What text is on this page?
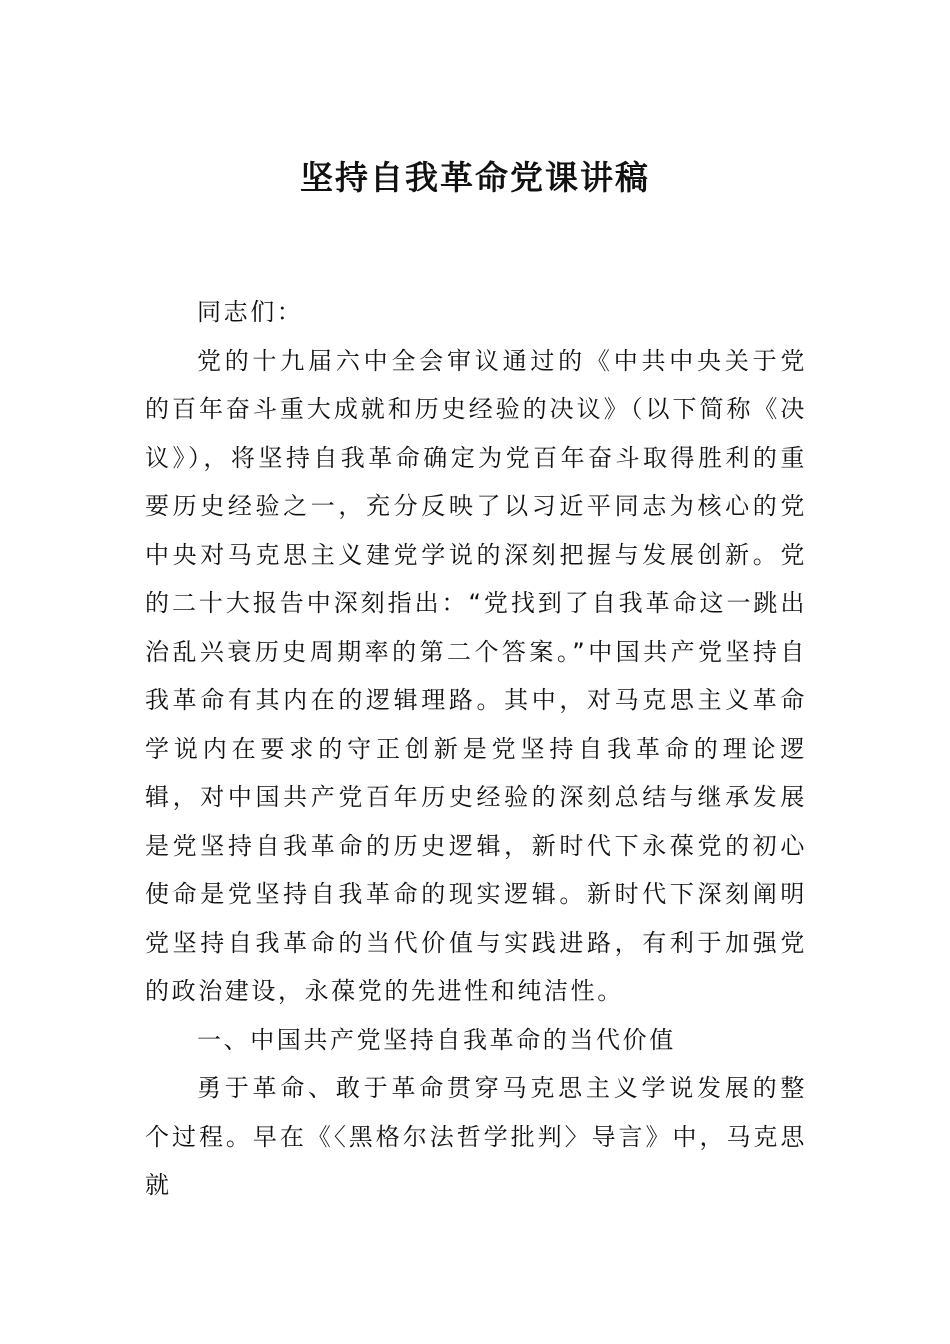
坚持自我革命党课讲稿

同志们：

党的十九届六中全会审议通过的《中共中央关于党的百年奋斗重大成就和历史经验的决议》（以下简称《决议》），将坚持自我革命确定为党百年奋斗取得胜利的重要历史经验之一，充分反映了以习近平同志为核心的党中央对马克思主义建党学说的深刻把握与发展创新。党的二十大报告中深刻指出：“党找到了自我革命这一跳出治乱兴衰历史周期率的第二个答案。”中国共产党坚持自我革命有其内在的逻辑理路。其中，对马克思主义革命学说内在要求的守正创新是党坚持自我革命的理论逻辑，对中国共产党百年历史经验的深刻总结与继承发展是党坚持自我革命的历史逻辑，新时代下永葆党的初心使命是党坚持自我革命的现实逻辑。新时代下深刻阐明党坚持自我革命的当代价值与实践进路，有利于加强党的政治建设，永葆党的先进性和纯洁性。

一、中国共产党坚持自我革命的当代价值

勇于革命、敢于革命贯穿马克思主义学说发展的整个过程。早在《〈黑格尔法哲学批判〉导言》中，马克思就
